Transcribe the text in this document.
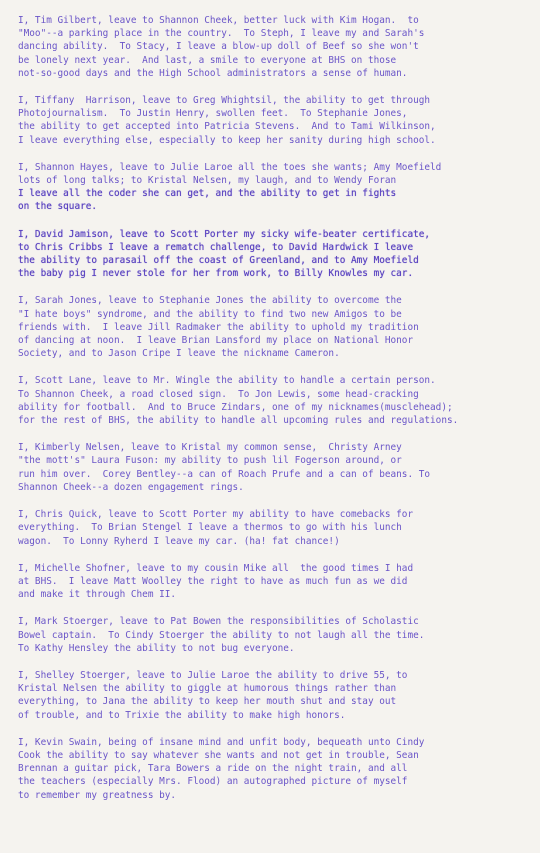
I, Tim Gilbert, leave to Shannon Cheek, better luck with Kim Hogan.  to
"Moo"--a parking place in the country.  To Steph, I leave my and Sarah's
dancing ability.  To Stacy, I leave a blow-up doll of Beef so she won't
be lonely next year.  And last, a smile to everyone at BHS on those
not-so-good days and the High School administrators a sense of human.
I, Tiffany  Harrison, leave to Greg Whightsil, the ability to get through
Photojournalism.  To Justin Henry, swollen feet.  To Stephanie Jones,
the ability to get accepted into Patricia Stevens.  And to Tami Wilkinson,
I leave everything else, especially to keep her sanity during high school.
I, Shannon Hayes, leave to Julie Laroe all the toes she wants; Amy Moefield
lots of long talks; to Kristal Nelsen, my laugh, and to Wendy Foran
I leave all the coder she can get, and the ability to get in fights
on the square.
I, David Jamison, leave to Scott Porter my sicky wife-beater certificate,
to Chris Cribbs I leave a rematch challenge, to David Hardwick I leave
the ability to parasail off the coast of Greenland, and to Amy Moefield
the baby pig I never stole for her from work, to Billy Knowles my car.
I, Sarah Jones, leave to Stephanie Jones the ability to overcome the
"I hate boys" syndrome, and the ability to find two new Amigos to be
friends with.  I leave Jill Radmaker the ability to uphold my tradition
of dancing at noon.  I leave Brian Lansford my place on National Honor
Society, and to Jason Cripe I leave the nickname Cameron.
I, Scott Lane, leave to Mr. Wingle the ability to handle a certain person.
To Shannon Cheek, a road closed sign.  To Jon Lewis, some head-cracking
ability for football.  And to Bruce Zindars, one of my nicknames(musclehead);
for the rest of BHS, the ability to handle all upcoming rules and regulations.
I, Kimberly Nelsen, leave to Kristal my common sense,  Christy Arney
"the mott's" Laura Fuson: my ability to push lil Fogerson around, or
run him over.  Corey Bentley--a can of Roach Prufe and a can of beans. To
Shannon Cheek--a dozen engagement rings.
I, Chris Quick, leave to Scott Porter my ability to have comebacks for
everything.  To Brian Stengel I leave a thermos to go with his lunch
wagon.  To Lonny Ryherd I leave my car. (ha! fat chance!)
I, Michelle Shofner, leave to my cousin Mike all  the good times I had
at BHS.  I leave Matt Woolley the right to have as much fun as we did
and make it through Chem II.
I, Mark Stoerger, leave to Pat Bowen the responsibilities of Scholastic
Bowel captain.  To Cindy Stoerger the ability to not laugh all the time.
To Kathy Hensley the ability to not bug everyone.
I, Shelley Stoerger, leave to Julie Laroe the ability to drive 55, to
Kristal Nelsen the ability to giggle at humorous things rather than
everything, to Jana the ability to keep her mouth shut and stay out
of trouble, and to Trixie the ability to make high honors.
I, Kevin Swain, being of insane mind and unfit body, bequeath unto Cindy
Cook the ability to say whatever she wants and not get in trouble, Sean
Brennan a guitar pick, Tara Bowers a ride on the night train, and all
the teachers (especially Mrs. Flood) an autographed picture of myself
to remember my greatness by.
